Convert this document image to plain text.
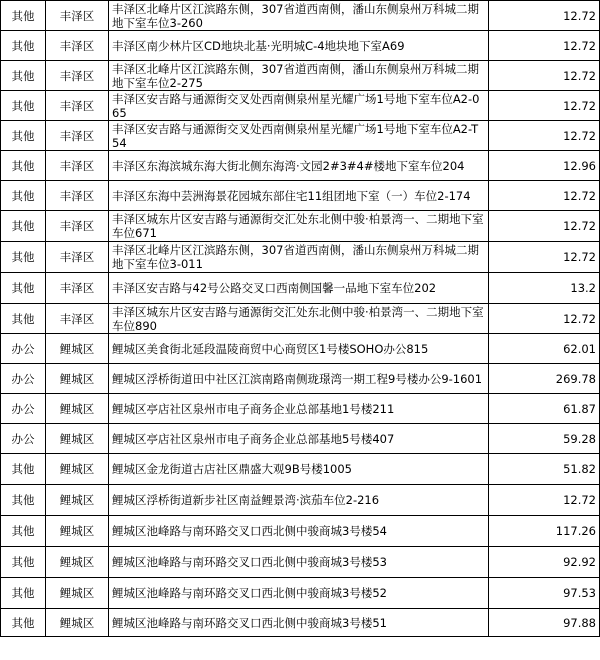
其他	丰泽区	丰泽区北峰片区江滨路东侧，307省道西南侧，潘山东侧泉州万科城二期地下室车位3-260	12.72
其他	丰泽区	丰泽区南少林片区CD地块北基·光明城C-4地块地下室A69	12.72
其他	丰泽区	丰泽区北峰片区江滨路东侧，307省道西南侧，潘山东侧泉州万科城二期地下室车位2-275	12.72
其他	丰泽区	丰泽区安吉路与通源街交叉处西南侧泉州星光耀广场1号地下室车位A2-065	12.72
其他	丰泽区	丰泽区安吉路与通源街交叉处西南侧泉州星光耀广场1号地下室车位A2-T54	12.72
其他	丰泽区	丰泽区东海滨城东海大街北侧东海湾·文园2#3#4#楼地下室车位204	12.96
其他	丰泽区	丰泽区东海中芸洲海景花园城东部住宅11组团地下室（一）车位2-174	12.72
其他	丰泽区	丰泽区城东片区安吉路与通源街交汇处东北侧中骏·柏景湾一、二期地下室车位671	12.72
其他	丰泽区	丰泽区北峰片区江滨路东侧，307省道西南侧，潘山东侧泉州万科城二期地下室车位3-011	12.72
其他	丰泽区	丰泽区安吉路与42号公路交叉口西南侧国馨一品地下室车位202	13.2
其他	丰泽区	丰泽区城东片区安吉路与通源街交汇处东北侧中骏·柏景湾一、二期地下室车位890	12.72
办公	鲤城区	鲤城区美食街北延段温陵商贸中心商贸区1号楼SOHO办公815	62.01
办公	鲤城区	鲤城区浮桥街道田中社区江滨南路南侧珑璟湾一期工程9号楼办公9-1601	269.78
办公	鲤城区	鲤城区亭店社区泉州市电子商务企业总部基地1号楼211	61.87
办公	鲤城区	鲤城区亭店社区泉州市电子商务企业总部基地5号楼407	59.28
其他	鲤城区	鲤城区金龙街道古店社区鼎盛大观9B号楼1005	51.82
其他	鲤城区	鲤城区浮桥街道新步社区南益鲤景湾·滨茄车位2-216	12.72
其他	鲤城区	鲤城区池峰路与南环路交叉口西北侧中骏商城3号楼54	117.26
其他	鲤城区	鲤城区池峰路与南环路交叉口西北侧中骏商城3号楼53	92.92
其他	鲤城区	鲤城区池峰路与南环路交叉口西北侧中骏商城3号楼52	97.53
其他	鲤城区	鲤城区池峰路与南环路交叉口西北侧中骏商城3号楼51	97.88
